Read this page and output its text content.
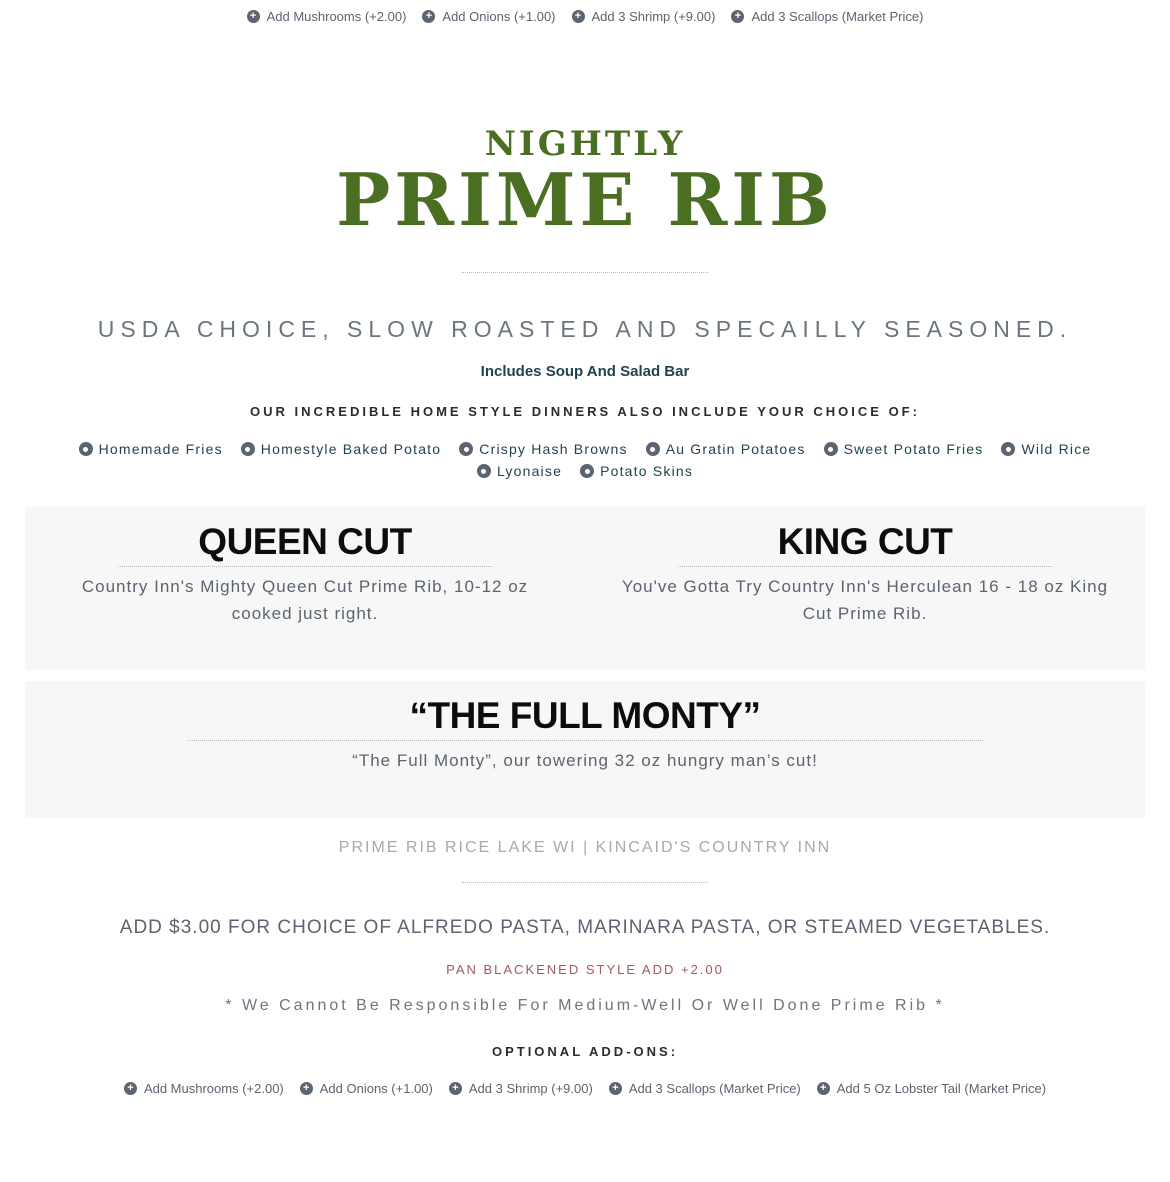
+ Add Mushrooms (+2.00) + Add Onions (+1.00) + Add 3 Shrimp (+9.00) + Add 3 Scallops (Market Price)
NIGHTLY
PRIME RIB
USDA CHOICE, SLOW ROASTED AND SPECAILLY SEASONED.
Includes Soup And Salad Bar
OUR INCREDIBLE HOME STYLE DINNERS ALSO INCLUDE YOUR CHOICE OF:
Homemade Fries	Homestyle Baked Potato	Crispy Hash Browns	Au Gratin Potatoes	Sweet Potato Fries	Wild Rice
Lyonaise	Potato Skins
QUEEN CUT

Country Inn's Mighty Queen Cut Prime Rib, 10-12 oz cooked just right.

KING CUT

You've Gotta Try Country Inn's Herculean 16 - 18 oz King Cut Prime Rib.

“THE FULL MONTY”

“The Full Monty”, our towering 32 oz hungry man’s cut!

PRIME RIB RICE LAKE WI | KINCAID'S COUNTRY INN
ADD $3.00 FOR CHOICE OF ALFREDO PASTA, MARINARA PASTA, OR STEAMED VEGETABLES.
PAN BLACKENED STYLE ADD +2.00
* We Cannot Be Responsible For Medium-Well Or Well Done Prime Rib *
OPTIONAL ADD-ONS:
+ Add Mushrooms (+2.00) + Add Onions (+1.00) + Add 3 Shrimp (+9.00) + Add 3 Scallops (Market Price) + Add 5 Oz Lobster Tail (Market Price)
